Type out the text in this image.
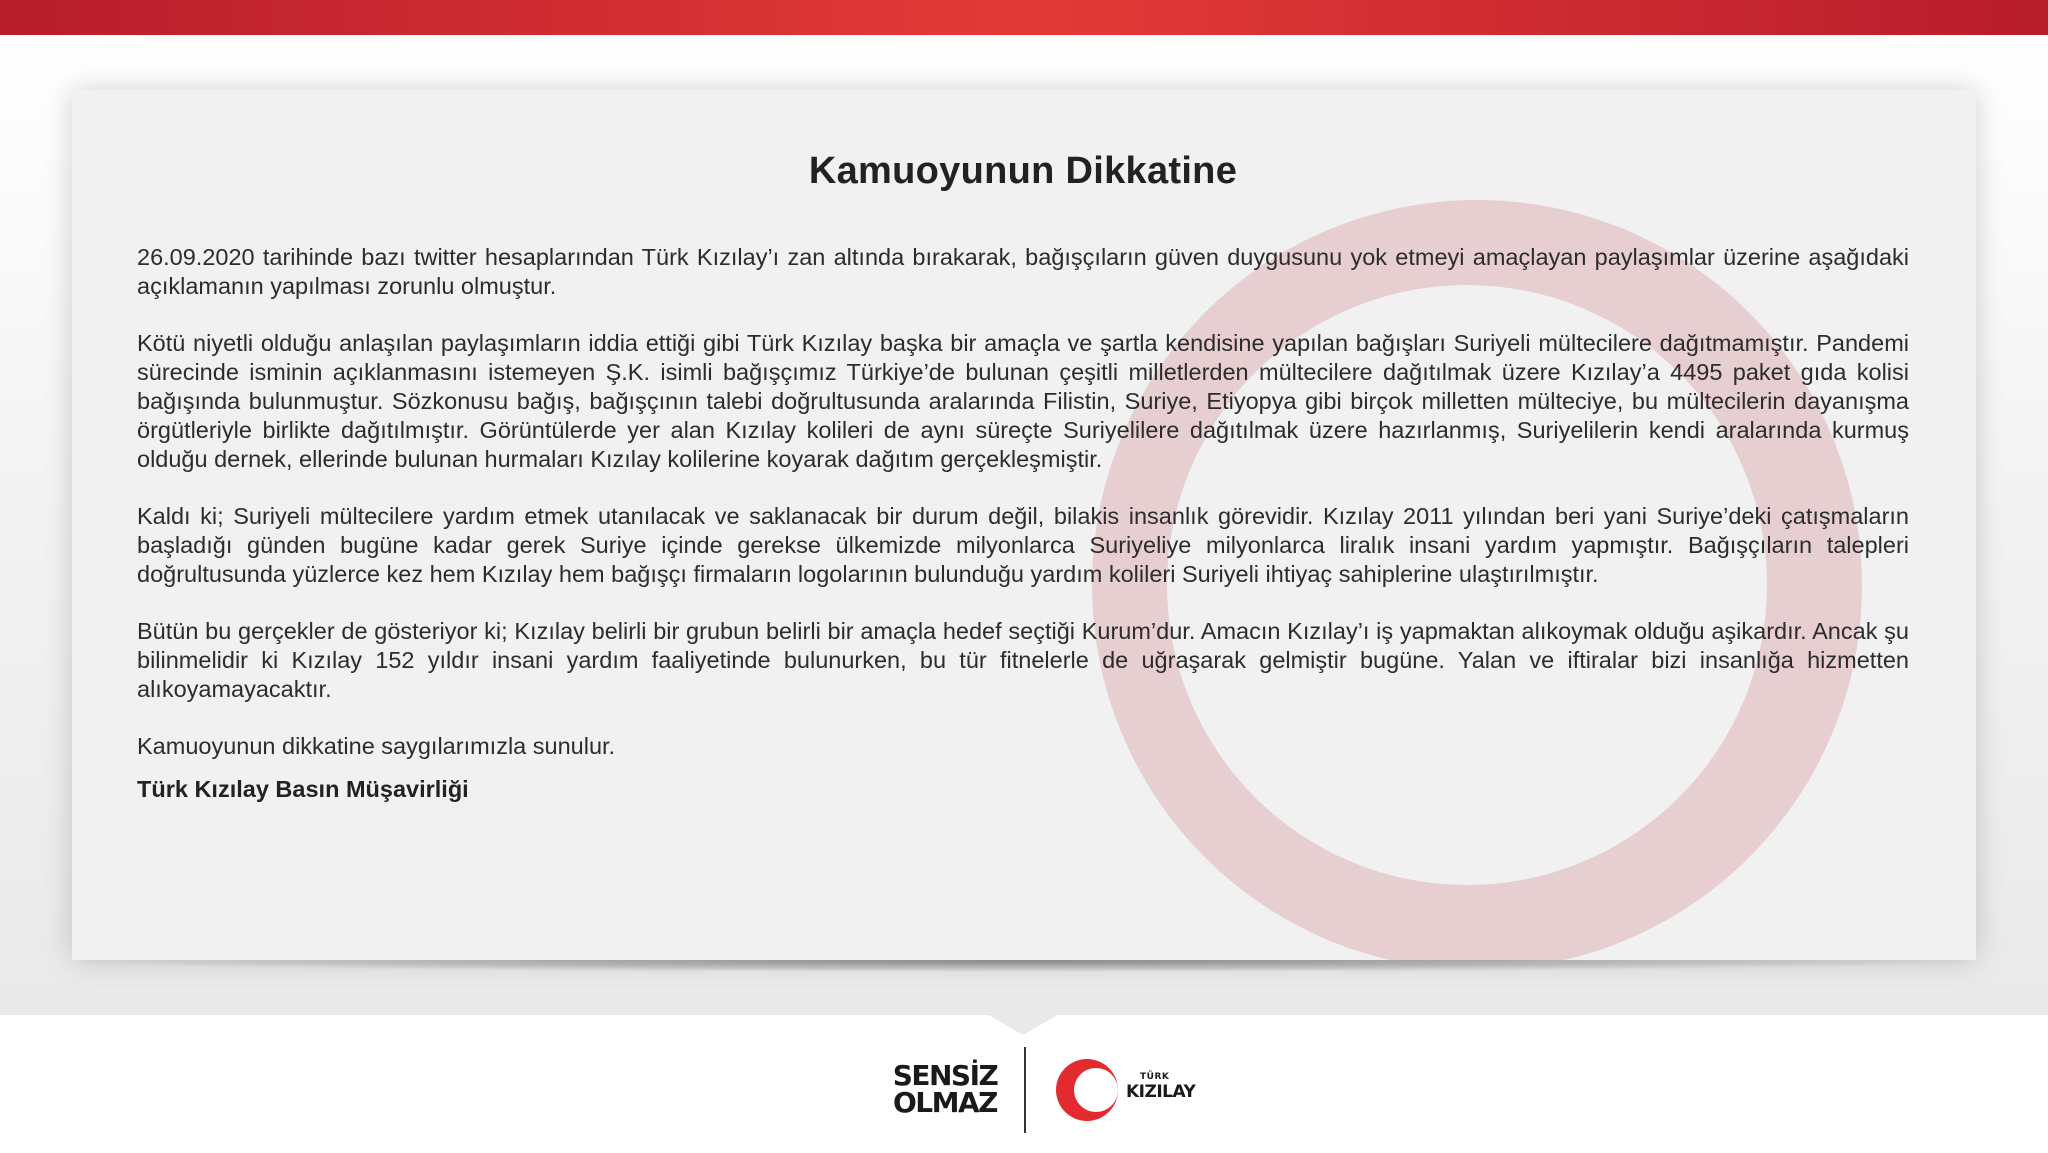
Kamuoyunun Dikkatine

26.09.2020 tarihinde bazı twitter hesaplarından Türk Kızılay’ı zan altında bırakarak, bağışçıların güven duygusunu yok etmeyi amaçlayan paylaşımlar üzerine aşağıdaki açıklamanın yapılması zorunlu olmuştur.

Kötü niyetli olduğu anlaşılan paylaşımların iddia ettiği gibi Türk Kızılay başka bir amaçla ve şartla kendisine yapılan bağışları Suriyeli mültecilere dağıtmamıştır. Pandemi sürecinde isminin açıklanmasını istemeyen Ş.K. isimli bağışçımız Türkiye’de bulunan çeşitli milletlerden mültecilere dağıtılmak üzere Kızılay’a 4495 paket gıda kolisi bağışında bulunmuştur. Sözkonusu bağış, bağışçının talebi doğrultusunda aralarında Filistin, Suriye, Etiyopya gibi birçok milletten mülteciye, bu mültecilerin dayanışma örgütleriyle birlikte dağıtılmıştır. Görüntülerde yer alan Kızılay kolileri de aynı süreçte Suriyelilere dağıtılmak üzere hazırlanmış, Suriyelilerin kendi aralarında kurmuş olduğu dernek, ellerinde bulunan hurmaları Kızılay kolilerine koyarak dağıtım gerçekleşmiştir.

Kaldı ki; Suriyeli mültecilere yardım etmek utanılacak ve saklanacak bir durum değil, bilakis insanlık görevidir. Kızılay 2011 yılından beri yani Suriye’deki çatışmaların başladığı günden bugüne kadar gerek Suriye içinde gerekse ülkemizde milyonlarca Suriyeliye milyonlarca liralık insani yardım yapmıştır. Bağışçıların talepleri doğrultusunda yüzlerce kez hem Kızılay hem bağışçı firmaların logolarının bulunduğu yardım kolileri Suriyeli ihtiyaç sahiplerine ulaştırılmıştır.

Bütün bu gerçekler de gösteriyor ki; Kızılay belirli bir grubun belirli bir amaçla hedef seçtiği Kurum’dur. Amacın Kızılay’ı iş yapmaktan alıkoymak olduğu aşikardır. Ancak şu bilinmelidir ki Kızılay 152 yıldır insani yardım faaliyetinde bulunurken, bu tür fitnelerle de uğraşarak gelmiştir bugüne. Yalan ve iftiralar bizi insanlığa hizmetten alıkoyamayacaktır.

Kamuoyunun dikkatine saygılarımızla sunulur.

Türk Kızılay Basın Müşavirliği

SENSİZ
OLMAZ
TÜRK
KIZILAY
